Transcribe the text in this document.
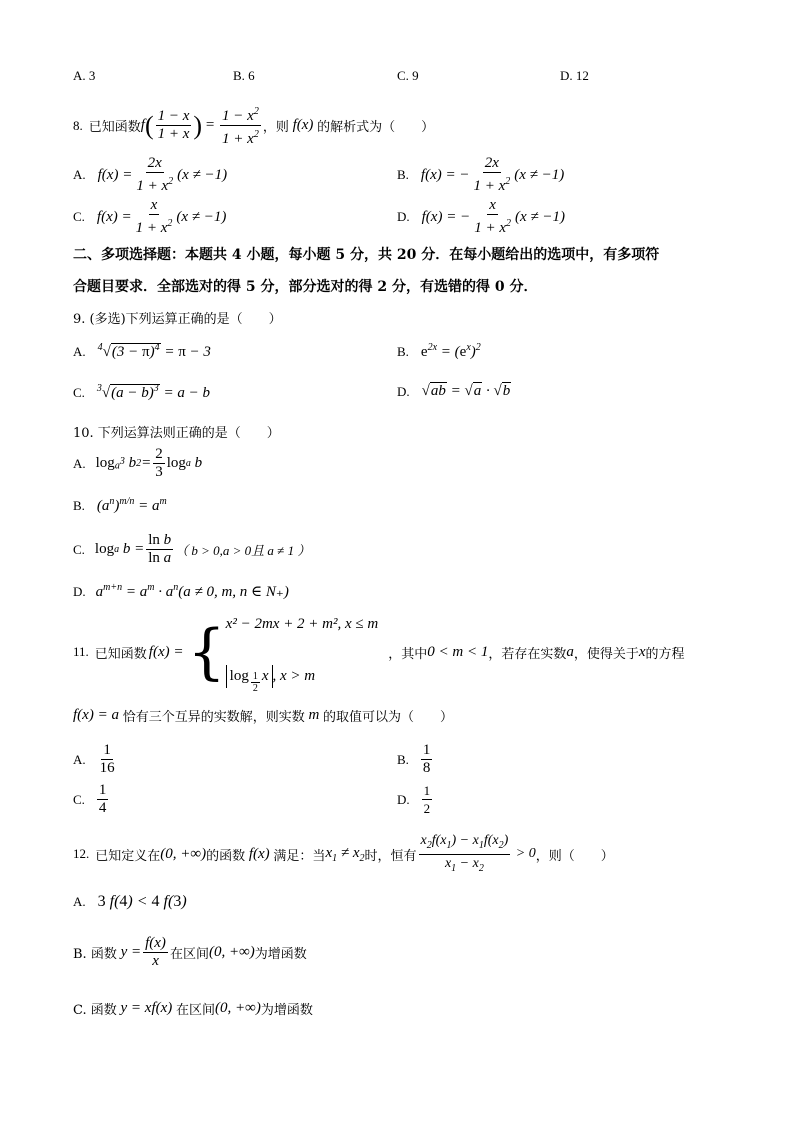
A. 3	B. 6	C. 9	D. 12
8. 已知函数 f ( $\frac{1 - x}{1 + x}$ ) = $\frac{1 - x^2}{1 + x^2}$ ，则 f(x) 的解析式为（　　）
A. $f(x) = \frac{2x}{1 + x^2} (x \ne -1)$	B. f(x) = − $\frac{2x}{1 + x^2} (x \ne -1)$
C. $f(x) = \frac{x}{1 + x^2} (x \ne -1)$	D. f(x) = − $\frac{x}{1 + x^2} (x \ne -1)$
二、多项选择题：本题共 4 小题，每小题 5 分，共 20 分．在每小题给出的选项中，有多项符
合题目要求．全部选对的得 5 分，部分选对的得 2 分，有选错的得 0 分．
9. (多选)下列运算正确的是（　　）
A. $^4√(3 - \pi)^4 = \pi - 3$	B. $e^{2x} = (e^x)^2$
C. $^3√(a - b)^3 = a - b$	D. √ab = √a · √b
10. 下列运算法则正确的是（　　）
A. $\log a^3$ b $2 = \frac{2}{3}$ log a b
B. $(a^n)^{m/n} = a^m$
C. log a $b = \frac{\text{ln b}}{\text{ln a}}$ （ b > 0,a > 0且 a ≠ 1 ）
D. $a^{m+n} = a^m \cdot a^n$ (a ≠ 0, m, n ∈ N₊)
11. 已知函数 f(x) = { x² − 2mx + 2 + m², x ≤ m
$\log \frac{1}{2}$ x , x > m
，其中 0 < m < 1 ，若存在实数 a ，使得关于 x 的方程
f(x) = a 恰有三个互异的实数解，则实数 m 的取值可以为（　　）
A. $\frac{1}{16}$	B. $\frac{1}{8}$
C. $\frac{1}{4}$	D. $\frac{1}{2}$
12. 已知定义在 (0, +∞) 的函数 f(x) 满足：当 $x_1 \ne x_2$ 时，恒有 $\frac{x_2f(x_1) - x_1f(x_2)}{x_1 - x_2} > 0$ ，则（　　）
A. 3 f(4) < 4 f(3)
B. 函数 $y = \frac{f(x)}{x}$ 在区间 (0, +∞) 为增函数
C. 函数 y = xf(x) 在区间 (0, +∞) 为增函数
